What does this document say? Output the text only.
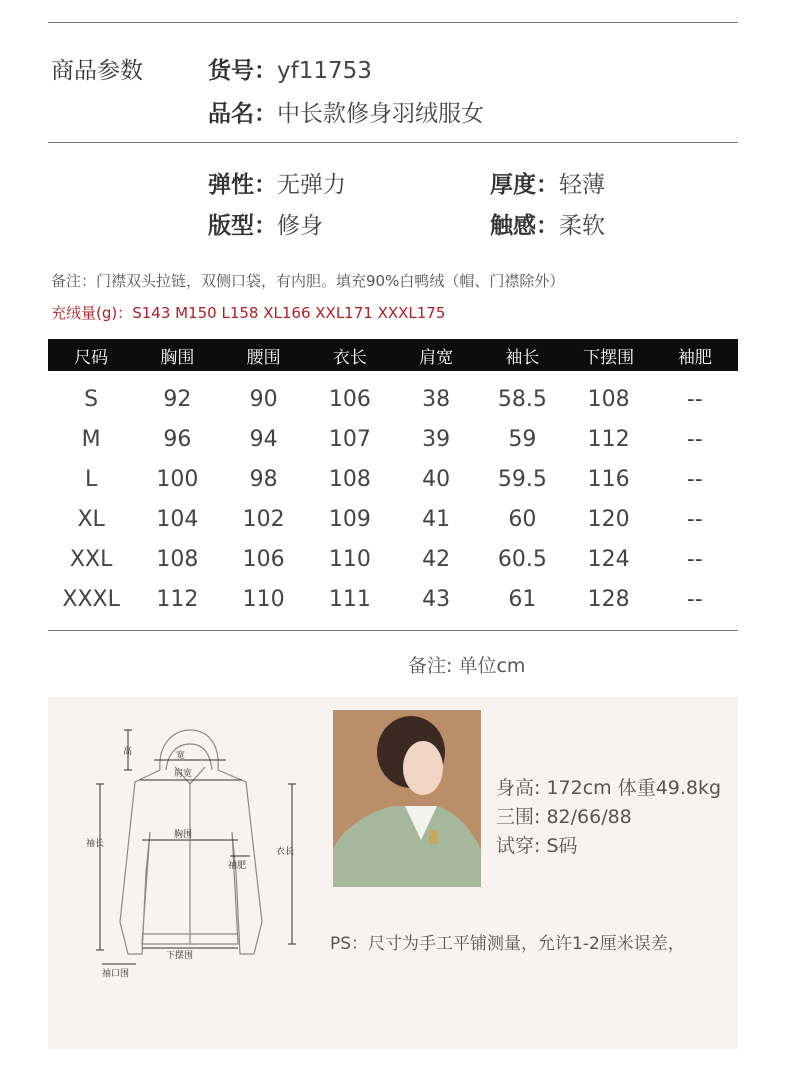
商品参数	货号：yf11753
品名：中长款修身羽绒服女
弹性：无弹力	厚度：轻薄
版型：修身	触感：柔软
备注：门襟双头拉链，双侧口袋，有内胆。填充90%白鸭绒（帽、门襟除外）
充绒量(g)：S143 M150 L158 XL166 XXL171 XXXL175
尺码	胸围	腰围	衣长	肩宽	袖长	下摆围	袖肥
S	92	90	106	38	58.5	108	--
M	96	94	107	39	59	112	--
L	100	98	108	40	59.5	116	--
XL	104	102	109	41	60	120	--
XXL	108	106	110	42	60.5	124	--
XXXL	112	110	111	43	61	128	--
备注: 单位cm
高	宽
肩宽
胸围
袖长
衣长
袖肥
下摆围
袖口围
身高: 172cm 体重49.8kg
三围: 82/66/88
试穿: S码
PS：尺寸为手工平铺测量，允许1-2厘米误差，
